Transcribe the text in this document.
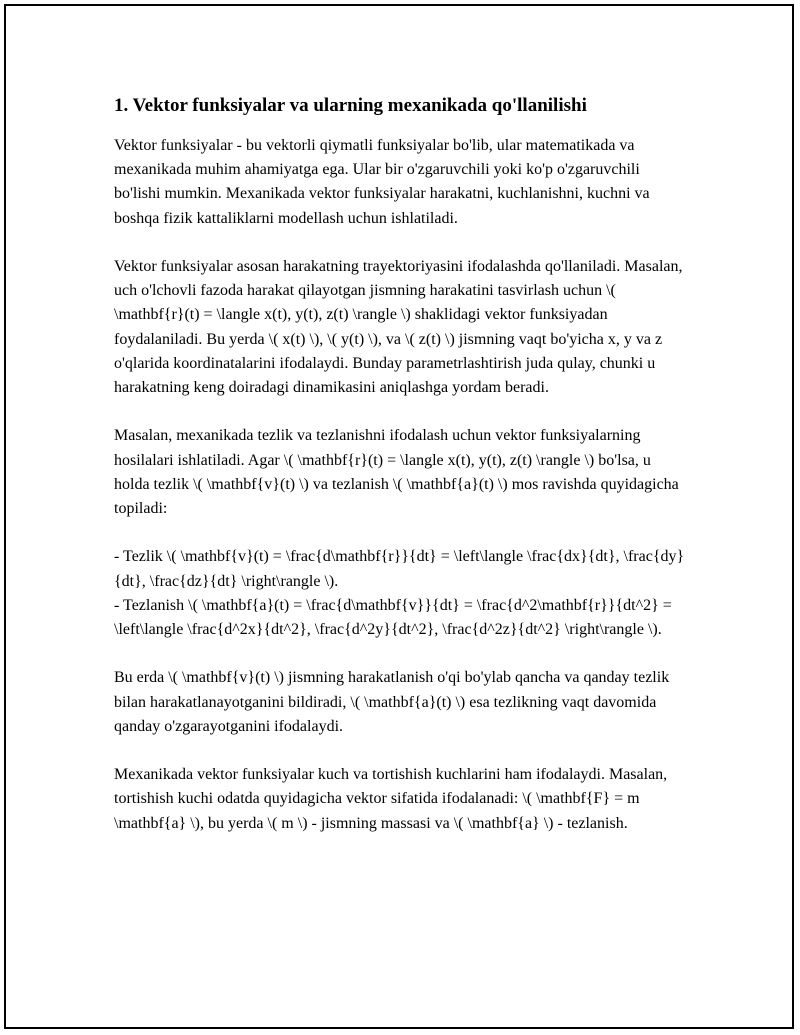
1. Vektor funksiyalar va ularning mexanikada qo'llanilishi

Vektor funksiyalar - bu vektorli qiymatli funksiyalar bo'lib, ular matematikada va mexanikada muhim ahamiyatga ega. Ular bir o'zgaruvchili yoki ko'p o'zgaruvchili bo'lishi mumkin. Mexanikada vektor funksiyalar harakatni, kuchlanishni, kuchni va boshqa fizik kattaliklarni modellash uchun ishlatiladi.

Vektor funksiyalar asosan harakatning trayektoriyasini ifodalashda qo'llaniladi. Masalan, uch o'lchovli fazoda harakat qilayotgan jismning harakatini tasvirlash uchun \( \mathbf{r}(t) = \langle x(t), y(t), z(t) \rangle \) shaklidagi vektor funksiyadan foydalaniladi. Bu yerda \( x(t) \), \( y(t) \), va \( z(t) \) jismning vaqt bo'yicha x, y va z o'qlarida koordinatalarini ifodalaydi. Bunday parametrlashtirish juda qulay, chunki u harakatning keng doiradagi dinamikasini aniqlashga yordam beradi.

Masalan, mexanikada tezlik va tezlanishni ifodalash uchun vektor funksiyalarning hosilalari ishlatiladi. Agar \( \mathbf{r}(t) = \langle x(t), y(t), z(t) \rangle \) bo'lsa, u holda tezlik \( \mathbf{v}(t) \) va tezlanish \( \mathbf{a}(t) \) mos ravishda quyidagicha topiladi:

- Tezlik \( \mathbf{v}(t) = \frac{d\mathbf{r}}{dt} = \left\langle \frac{dx}{dt}, \frac{dy}{dt}, \frac{dz}{dt} \right\rangle \).
- Tezlanish \( \mathbf{a}(t) = \frac{d\mathbf{v}}{dt} = \frac{d^2\mathbf{r}}{dt^2} = \left\langle \frac{d^2x}{dt^2}, \frac{d^2y}{dt^2}, \frac{d^2z}{dt^2} \right\rangle \).

Bu erda \( \mathbf{v}(t) \) jismning harakatlanish o'qi bo'ylab qancha va qanday tezlik bilan harakatlanayotganini bildiradi, \( \mathbf{a}(t) \) esa tezlikning vaqt davomida qanday o'zgarayotganini ifodalaydi.

Mexanikada vektor funksiyalar kuch va tortishish kuchlarini ham ifodalaydi. Masalan, tortishish kuchi odatda quyidagicha vektor sifatida ifodalanadi: \( \mathbf{F} = m \mathbf{a} \), bu yerda \( m \) - jismning massasi va \( \mathbf{a} \) - tezlanish.
